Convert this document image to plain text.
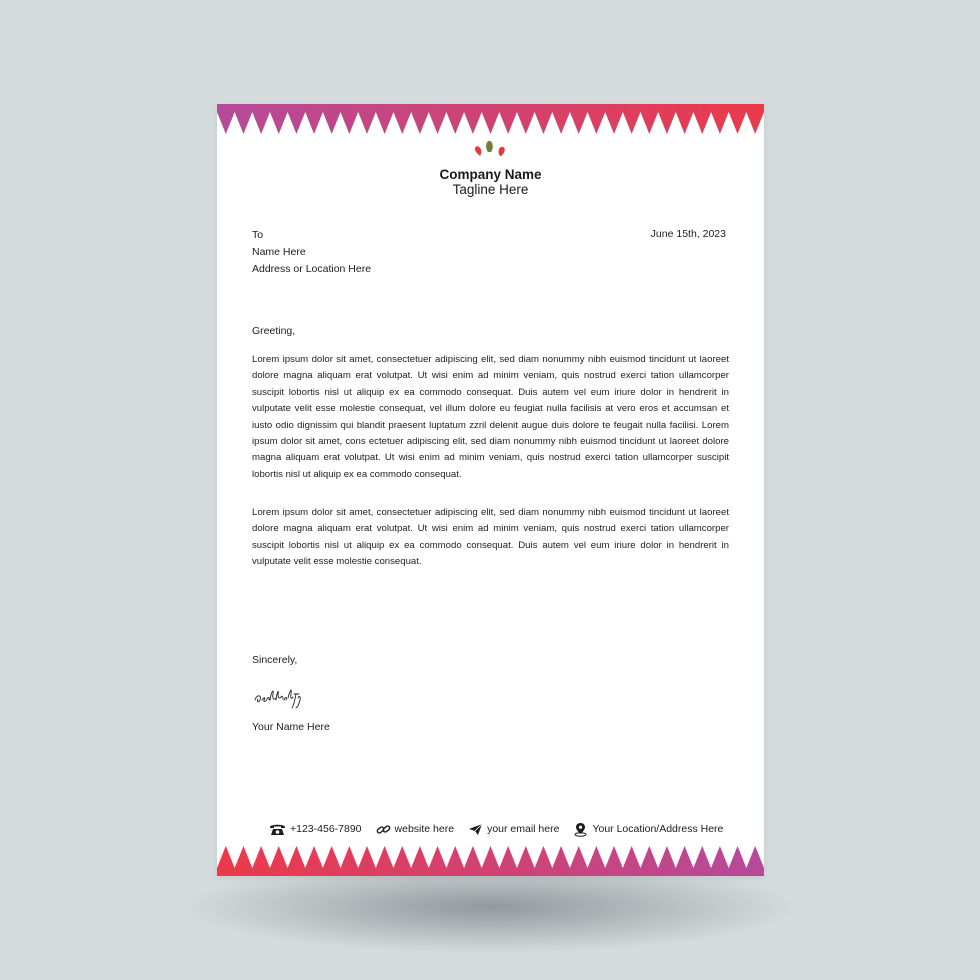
Company Name
Tagline Here
To
Name Here
Address or Location Here
June 15th, 2023
Greeting,

Lorem ipsum dolor sit amet, consectetuer adipiscing elit, sed diam nonummy nibh euismod tincidunt ut laoreet dolore magna aliquam erat volutpat. Ut wisi enim ad minim veniam, quis nostrud exerci tation ullamcorper suscipit lobortis nisl ut aliquip ex ea commodo consequat. Duis autem vel eum iriure dolor in hendrerit in vulputate velit esse molestie consequat, vel illum dolore eu feugiat nulla facilisis at vero eros et accumsan et iusto odio dignissim qui blandit praesent luptatum zzril delenit augue duis dolore te feugait nulla facilisi. Lorem ipsum dolor sit amet, cons ectetuer adipiscing elit, sed diam nonummy nibh euismod tincidunt ut laoreet dolore magna aliquam erat volutpat. Ut wisi enim ad minim veniam, quis nostrud exerci tation ullamcorper suscipit lobortis nisl ut aliquip ex ea commodo consequat.

Lorem ipsum dolor sit amet, consectetuer adipiscing elit, sed diam nonummy nibh euismod tincidunt ut laoreet dolore magna aliquam erat volutpat. Ut wisi enim ad minim veniam, quis nostrud exerci tation ullamcorper suscipit lobortis nisl ut aliquip ex ea commodo consequat. Duis autem vel eum iriure dolor in hendrerit in vulputate velit esse molestie consequat.

Sincerely,
Your Name Here
+123-456-7890	website here	your email here	Your Location/Address Here
